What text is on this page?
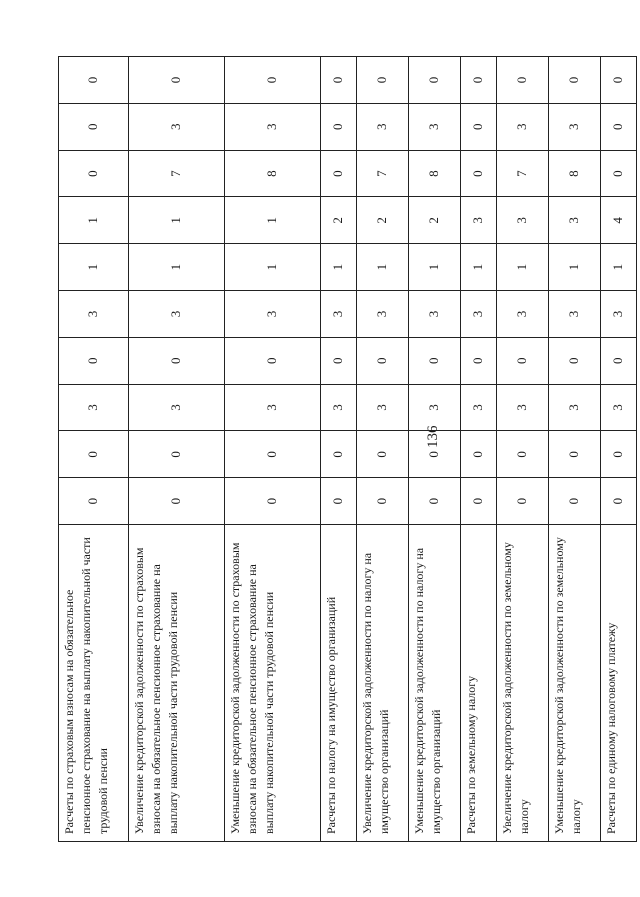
136
Расчеты по страховым взносам на обязательное пенсионное страхование на выплату накопительной части трудовой пенсии	0	0	3	0	3	1	1	0	0	0
Увеличение кредиторской задолженности по страховым взносам на обязательное пенсионное страхование на выплату накопительной части трудовой пенсии	0	0	3	0	3	1	1	7	3	0
Уменьшение кредиторской задолженности по страховым взносам на обязательное пенсионное страхование на выплату накопительной части трудовой пенсии	0	0	3	0	3	1	1	8	3	0
Расчеты по налогу на имущество организаций	0	0	3	0	3	1	2	0	0	0
Увеличение кредиторской задолженности по налогу на имущество организаций	0	0	3	0	3	1	2	7	3	0
Уменьшение кредиторской задолженности по налогу на имущество организаций	0	0	3	0	3	1	2	8	3	0
Расчеты по земельному налогу	0	0	3	0	3	1	3	0	0	0
Увеличение кредиторской задолженности по земельному налогу	0	0	3	0	3	1	3	7	3	0
Уменьшение кредиторской задолженности по земельному налогу	0	0	3	0	3	1	3	8	3	0
Расчеты по единому налоговому платежу	0	0	3	0	3	1	4	0	0	0
